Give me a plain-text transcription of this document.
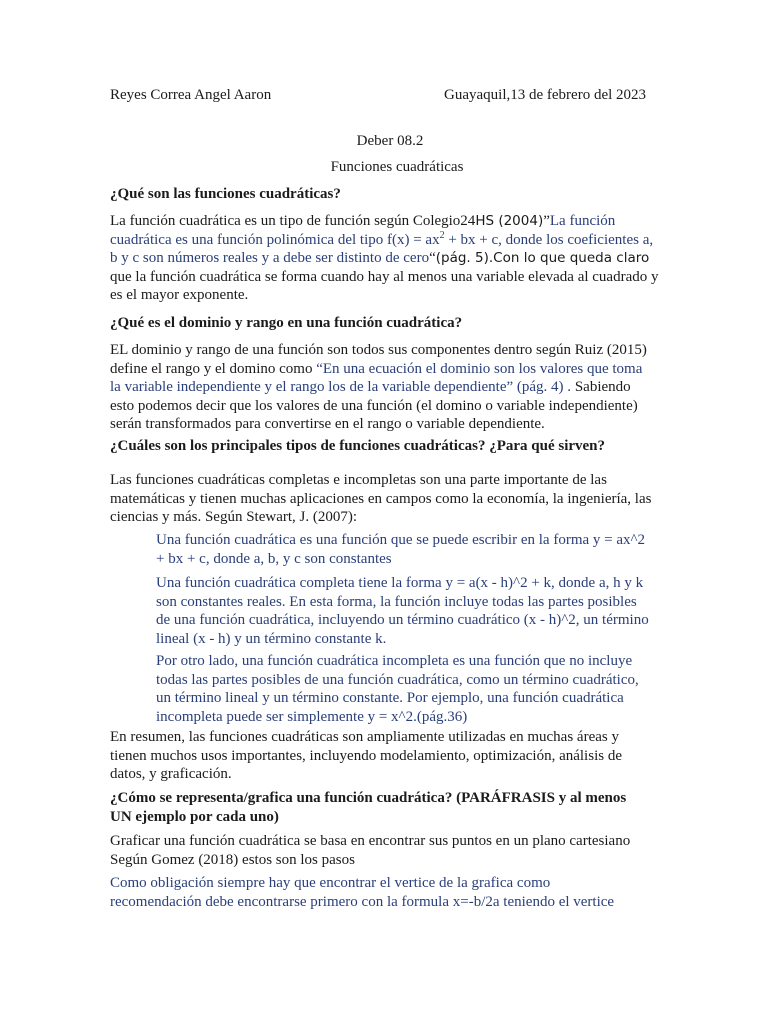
Reyes Correa Angel Aaron	Guayaquil,13 de febrero del 2023

Deber 08.2

Funciones cuadráticas

¿Qué son las funciones cuadráticas?

La función cuadrática es un tipo de función según Colegio24HS (2004)”La función cuadrática es una función polinómica del tipo $f(x) = ax^2$ + bx + c, donde los coeficientes a, b y c son números reales y a debe ser distinto de cero“(pág. 5).Con lo que queda claro que la función cuadrática se forma cuando hay al menos una variable elevada al cuadrado y es el mayor exponente.

¿Qué es el dominio y rango en una función cuadrática?

EL dominio y rango de una función son todos sus componentes dentro según Ruiz (2015) define el rango y el domino como “En una ecuación el dominio son los valores que toma la variable independiente y el rango los de la variable dependiente” (pág. 4) . Sabiendo esto podemos decir que los valores de una función (el domino o variable independiente) serán transformados para convertirse en el rango o variable dependiente.

¿Cuáles son los principales tipos de funciones cuadráticas? ¿Para qué sirven?

Las funciones cuadráticas completas e incompletas son una parte importante de las matemáticas y tienen muchas aplicaciones en campos como la economía, la ingeniería, las ciencias y más. Según Stewart, J. (2007):

Una función cuadrática es una función que se puede escribir en la forma y = ax^2 + bx + c, donde a, b, y c son constantes

Una función cuadrática completa tiene la forma y = a(x - h)^2 + k, donde a, h y k son constantes reales. En esta forma, la función incluye todas las partes posibles de una función cuadrática, incluyendo un término cuadrático (x - h)^2, un término lineal (x - h) y un término constante k.

Por otro lado, una función cuadrática incompleta es una función que no incluye todas las partes posibles de una función cuadrática, como un término cuadrático, un término lineal y un término constante. Por ejemplo, una función cuadrática incompleta puede ser simplemente y = x^2.(pág.36)

En resumen, las funciones cuadráticas son ampliamente utilizadas en muchas áreas y tienen muchos usos importantes, incluyendo modelamiento, optimización, análisis de datos, y graficación.

¿Cómo se representa/grafica una función cuadrática? (PARÁFRASIS y al menos UN ejemplo por cada uno)

Graficar una función cuadrática se basa en encontrar sus puntos en un plano cartesiano Según Gomez (2018) estos son los pasos

Como obligación siempre hay que encontrar el vertice de la grafica como recomendación debe encontrarse primero con la formula x=-b/2a teniendo el vertice
